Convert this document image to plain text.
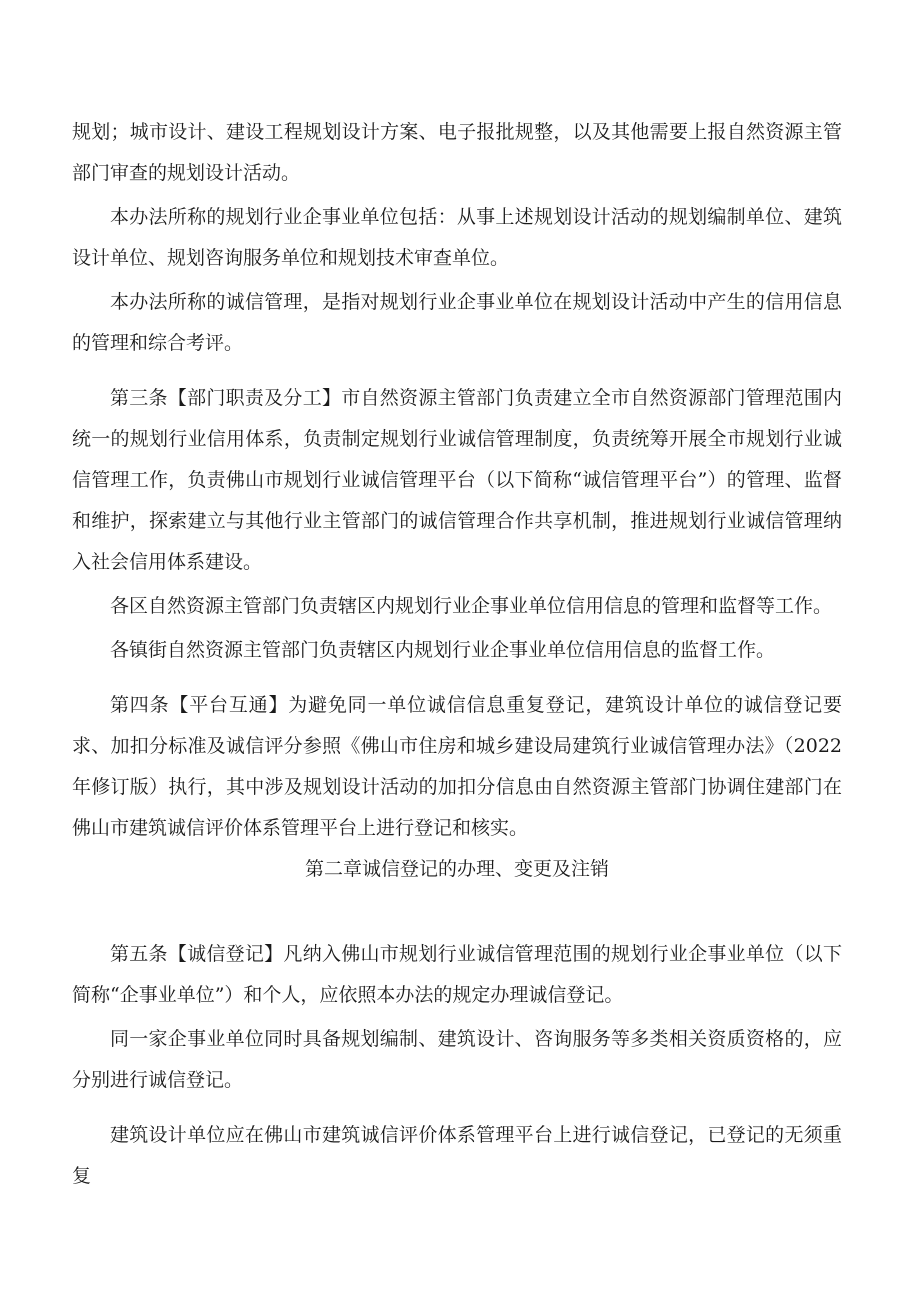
规划；城市设计、建设工程规划设计方案、电子报批规整，以及其他需要上报自然资源主管部门审查的规划设计活动。

本办法所称的规划行业企事业单位包括：从事上述规划设计活动的规划编制单位、建筑设计单位、规划咨询服务单位和规划技术审查单位。

本办法所称的诚信管理，是指对规划行业企事业单位在规划设计活动中产生的信用信息的管理和综合考评。

第三条【部门职责及分工】市自然资源主管部门负责建立全市自然资源部门管理范围内统一的规划行业信用体系，负责制定规划行业诚信管理制度，负责统筹开展全市规划行业诚信管理工作，负责佛山市规划行业诚信管理平台（以下简称“诚信管理平台”）的管理、监督和维护，探索建立与其他行业主管部门的诚信管理合作共享机制，推进规划行业诚信管理纳入社会信用体系建设。

各区自然资源主管部门负责辖区内规划行业企事业单位信用信息的管理和监督等工作。

各镇街自然资源主管部门负责辖区内规划行业企事业单位信用信息的监督工作。

第四条【平台互通】为避免同一单位诚信信息重复登记，建筑设计单位的诚信登记要求、加扣分标准及诚信评分参照《佛山市住房和城乡建设局建筑行业诚信管理办法》（2022年修订版）执行，其中涉及规划设计活动的加扣分信息由自然资源主管部门协调住建部门在佛山市建筑诚信评价体系管理平台上进行登记和核实。

第二章诚信登记的办理、变更及注销

第五条【诚信登记】凡纳入佛山市规划行业诚信管理范围的规划行业企事业单位（以下简称“企事业单位”）和个人，应依照本办法的规定办理诚信登记。

同一家企事业单位同时具备规划编制、建筑设计、咨询服务等多类相关资质资格的，应分别进行诚信登记。

建筑设计单位应在佛山市建筑诚信评价体系管理平台上进行诚信登记，已登记的无须重复
